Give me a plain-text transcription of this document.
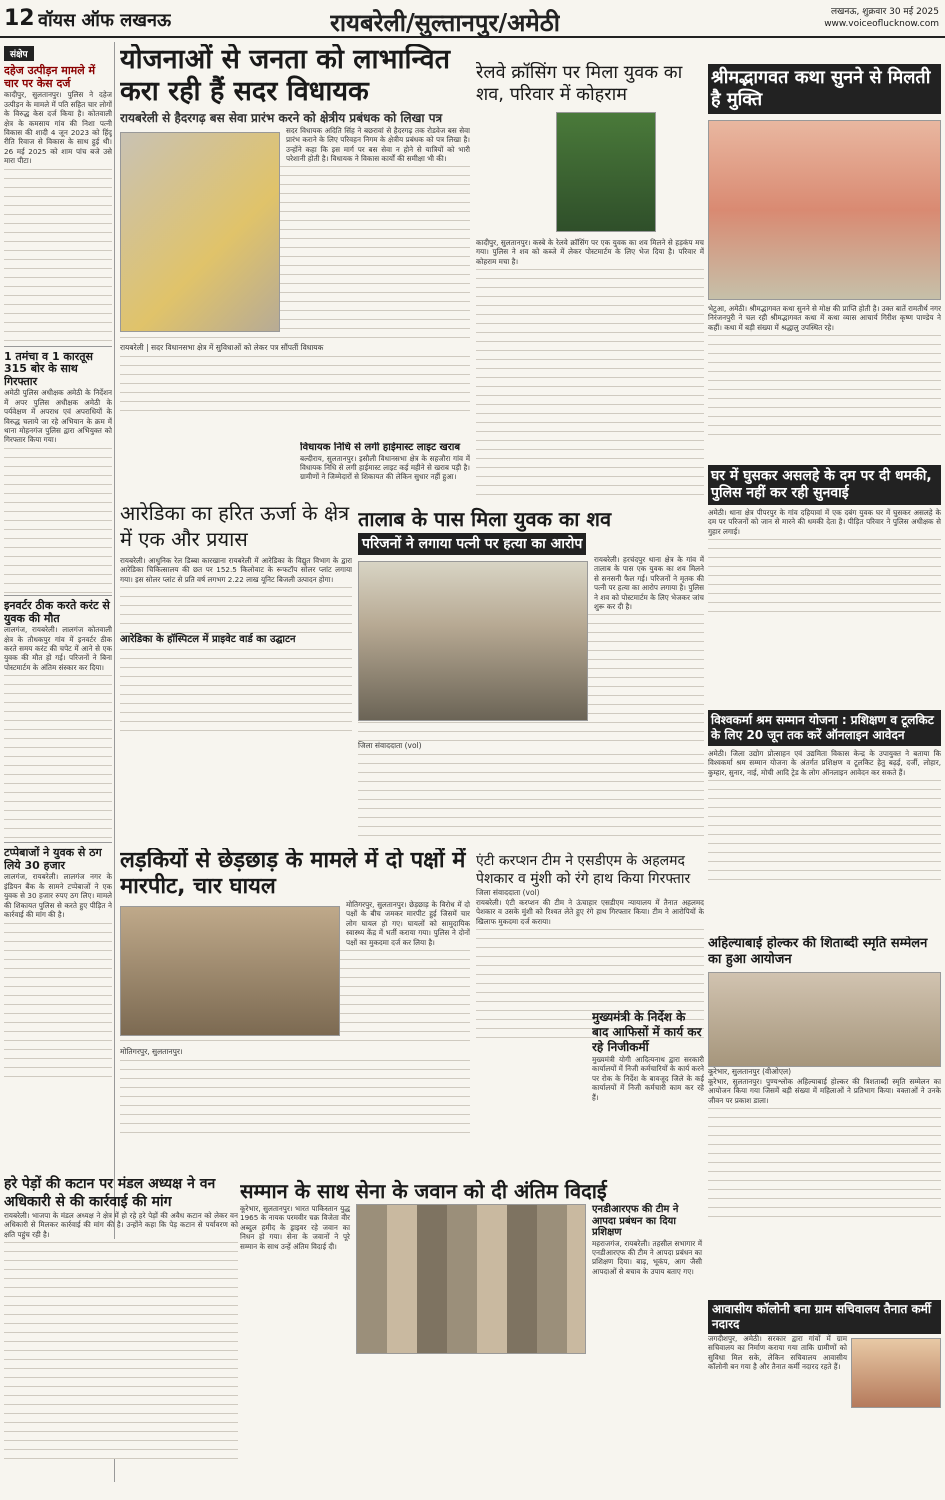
12 वॉयस ऑफ लखनऊ	रायबरेली/सुल्तानपुर/अमेठी	लखनऊ, शुक्रवार 30 मई 2025
www.voiceoflucknow.com
संक्षेप
दहेज उत्पीड़न मामले में चार पर केस दर्ज
कादीपुर, सुलतानपुर। पुलिस ने दहेज उत्पीड़न के मामले में पति सहित चार लोगों के विरुद्ध केस दर्ज किया है। कोतवाली क्षेत्र के कमसाय गांव की निशा पत्नी विकास की शादी 4 जून 2023 को हिंदू रीति रिवाज से विकास के साथ हुई थी। 26 मई 2025 को शाम पांच बजे उसे मारा पीटा।
1 तमंचा व 1 कारतूस 315 बोर के साथ गिरफ्तार
अमेठी पुलिस अधीक्षक अमेठी के निर्देशन में अपर पुलिस अधीक्षक अमेठी के पर्यवेक्षण में अपराध एवं अपराधियों के विरुद्ध चलाये जा रहे अभियान के क्रम में थाना मोहनगंज पुलिस द्वारा अभियुक्त को गिरफ्तार किया गया।
इनवर्टर ठीक करते करंट से युवक की मौत
लालगंज, रायबरेली। लालगंज कोतवाली क्षेत्र के तौधकपुर गांव में इनवर्टर ठीक करते समय करंट की चपेट में आने से एक युवक की मौत हो गई। परिजनों ने बिना पोस्टमार्टम के अंतिम संस्कार कर दिया।
टप्पेबाजों ने युवक से ठग लिये 30 हजार
लालगंज, रायबरेली। लालगंज नगर के इंडियन बैंक के सामने टप्पेबाजों ने एक युवक से 30 हजार रुपए ठग लिए। मामले की शिकायत पुलिस से करते हुए पीड़ित ने कार्रवाई की मांग की है।
योजनाओं से जनता को लाभान्वित करा रही हैं सदर विधायक
रायबरेली से हैदरगढ़ बस सेवा प्रारंभ करने को क्षेत्रीय प्रबंधक को लिखा पत्र
सदर विधायक अदिति सिंह ने बछरावां से हैदरगढ़ तक रोडवेज बस सेवा प्रारंभ कराने के लिए परिवहन निगम के क्षेत्रीय प्रबंधक को पत्र लिखा है। उन्होंने कहा कि इस मार्ग पर बस सेवा न होने से यात्रियों को भारी परेशानी होती है। विधायक ने विकास कार्यों की समीक्षा भी की।
रायबरेली | सदर विधानसभा क्षेत्र में सुविधाओं को लेकर पत्र सौंपतीं विधायक
विधायक निधि से लगी हाईमास्ट लाइट खराब
बल्दीराय, सुलतानपुर। इसौली विधानसभा क्षेत्र के सहजौरा गांव में विधायक निधि से लगी हाईमास्ट लाइट कई महीने से खराब पड़ी है। ग्रामीणों ने जिम्मेदारों से शिकायत की लेकिन सुधार नहीं हुआ।
रेलवे क्रॉसिंग पर मिला युवक का शव, परिवार में कोहराम
कादीपुर, सुलतानपुर। कस्बे के रेलवे क्रॉसिंग पर एक युवक का शव मिलने से हड़कंप मच गया। पुलिस ने शव को कब्जे में लेकर पोस्टमार्टम के लिए भेज दिया है। परिवार में कोहराम मचा है।
श्रीमद्भागवत कथा सुनने से मिलती है मुक्ति
भेटुआ, अमेठी। श्रीमद्भागवत कथा सुनने से मोक्ष की प्राप्ति होती है। उक्त बातें रामतीर्थ नगर निरंजनपुरी ने चल रही श्रीमद्भागवत कथा में कथा व्यास आचार्य गिरीश कृष्ण पाण्डेय ने कहीं। कथा में बड़ी संख्या में श्रद्धालु उपस्थित रहे।
घर में घुसकर असलहे के दम पर दी धमकी, पुलिस नहीं कर रही सुनवाई
अमेठी। थाना क्षेत्र पीपरपुर के गांव दहियावां में एक दबंग युवक घर में घुसकर असलहे के दम पर परिजनों को जान से मारने की धमकी देता है। पीड़ित परिवार ने पुलिस अधीक्षक से गुहार लगाई।
विश्वकर्मा श्रम सम्मान योजना : प्रशिक्षण व टूलकिट के लिए 20 जून तक करें ऑनलाइन आवेदन
अमेठी। जिला उद्योग प्रोत्साहन एवं उद्यमिता विकास केन्द्र के उपायुक्त ने बताया कि विश्वकर्मा श्रम सम्मान योजना के अंतर्गत प्रशिक्षण व टूलकिट हेतु बढ़ई, दर्जी, लोहार, कुम्हार, सुनार, नाई, मोची आदि ट्रेड के लोग ऑनलाइन आवेदन कर सकते हैं।
आरेडिका का हरित ऊर्जा के क्षेत्र में एक और प्रयास
रायबरेली। आधुनिक रेल डिब्बा कारखाना रायबरेली में आरेडिका के विद्युत विभाग के द्वारा आरेडिका चिकित्सालय की छत पर 152.5 किलोवाट के रूफटॉप सोलर प्लांट लगाया गया। इस सोलर प्लांट से प्रति वर्ष लगभग 2.22 लाख यूनिट बिजली उत्पादन होगा।
आरेडिका के हॉस्पिटल में प्राइवेट वार्ड का उद्घाटन
तालाब के पास मिला युवक का शव
परिजनों ने लगाया पत्नी पर हत्या का आरोप
रायबरेली। हरचंदपुर थाना क्षेत्र के गांव में तालाब के पास एक युवक का शव मिलने से सनसनी फैल गई। परिजनों ने मृतक की पत्नी पर हत्या का आरोप लगाया है। पुलिस ने शव को पोस्टमार्टम के लिए भेजकर जांच शुरू कर दी है।
जिला संवाददाता (vol)
लड़कियों से छेड़छाड़ के मामले में दो पक्षों में मारपीट, चार घायल
मोतिगरपुर, सुलतानपुर। छेड़छाड़ के विरोध में दो पक्षों के बीच जमकर मारपीट हुई जिसमें चार लोग घायल हो गए। घायलों को सामुदायिक स्वास्थ्य केंद्र में भर्ती कराया गया। पुलिस ने दोनों पक्षों का मुकदमा दर्ज कर लिया है।
मोतिगरपुर, सुलतानपुर।
एंटी करप्शन टीम ने एसडीएम के अहलमद पेशकार व मुंशी को रंगे हाथ किया गिरफ्तार
जिला संवाददाता (vol)
रायबरेली। एंटी करप्शन की टीम ने ऊंचाहार एसडीएम न्यायालय में तैनात अहलमद पेशकार व उसके मुंशी को रिश्वत लेते हुए रंगे हाथ गिरफ्तार किया। टीम ने आरोपियों के खिलाफ मुकदमा दर्ज कराया।
मुख्यमंत्री के निर्देश के बाद आफिसों में कार्य कर रहे निजीकर्मी
मुख्यमंत्री योगी आदित्यनाथ द्वारा सरकारी कार्यालयों में निजी कर्मचारियों के कार्य करने पर रोक के निर्देश के बावजूद जिले के कई कार्यालयों में निजी कर्मचारी काम कर रहे हैं।
अहिल्याबाई होल्कर की शिताब्दी स्मृति सम्मेलन का हुआ आयोजन
कूरेभार, सुलतानपुर (वीओएल)
कूरेभार, सुलतानपुर। पुण्यश्लोक अहिल्याबाई होल्कर की त्रिशताब्दी स्मृति सम्मेलन का आयोजन किया गया जिसमें बड़ी संख्या में महिलाओं ने प्रतिभाग किया। वक्ताओं ने उनके जीवन पर प्रकाश डाला।
हरे पेड़ों की कटान पर मंडल अध्यक्ष ने वन अधिकारी से की कार्रवाई की मांग
रायबरेली। भाजपा के मंडल अध्यक्ष ने क्षेत्र में हो रहे हरे पेड़ों की अवैध कटान को लेकर वन अधिकारी से मिलकर कार्रवाई की मांग की है। उन्होंने कहा कि पेड़ कटान से पर्यावरण को क्षति पहुंच रही है।
सम्मान के साथ सेना के जवान को दी अंतिम विदाई
कूरेभार, सुलतानपुर। भारत पाकिस्तान युद्ध 1965 के नायक परमवीर चक्र विजेता वीर अब्दुल हमीद के ड्राइवर रहे जवान का निधन हो गया। सेना के जवानों ने पूरे सम्मान के साथ उन्हें अंतिम विदाई दी।
एनडीआरएफ की टीम ने आपदा प्रबंधन का दिया प्रशिक्षण
महराजगंज, रायबरेली। तहसील सभागार में एनडीआरएफ की टीम ने आपदा प्रबंधन का प्रशिक्षण दिया। बाढ़, भूकंप, आग जैसी आपदाओं से बचाव के उपाय बताए गए।
आवासीय कॉलोनी बना ग्राम सचिवालय तैनात कर्मी नदारद
जगदीशपुर, अमेठी। सरकार द्वारा गांवों में ग्राम सचिवालय का निर्माण कराया गया ताकि ग्रामीणों को सुविधा मिल सके, लेकिन सचिवालय आवासीय कॉलोनी बन गया है और तैनात कर्मी नदारद रहते हैं।
